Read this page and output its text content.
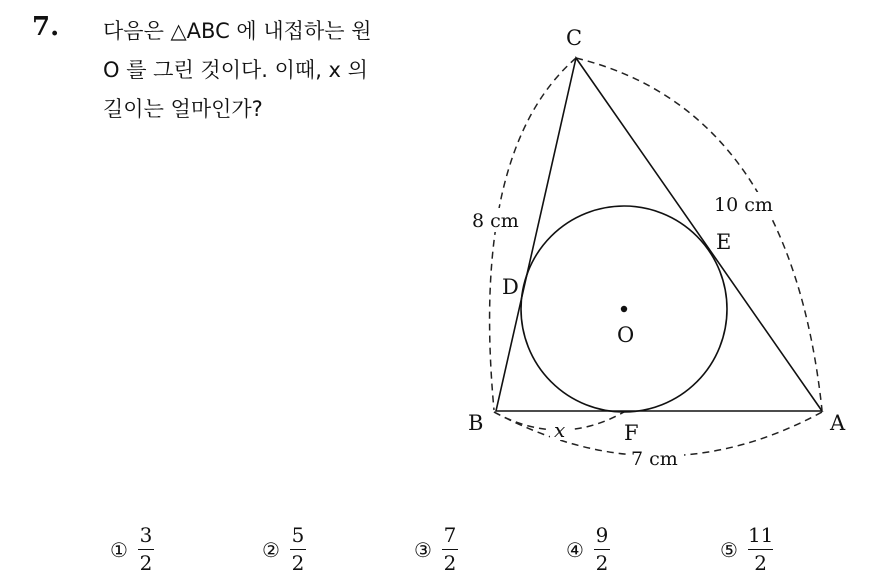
7. 다음은 △ABC 에 내접하는 원
O 를 그린 것이다. 이때, x 의
길이는 얼마인가?
C
B	A
D
E
F
O
8 cm
10 cm
7 cm
x
① $\frac{3}{2}$	② $\frac{5}{2}$	③ $\frac{7}{2}$	④ $\frac{9}{2}$	⑤ $\frac{11}{2}$
